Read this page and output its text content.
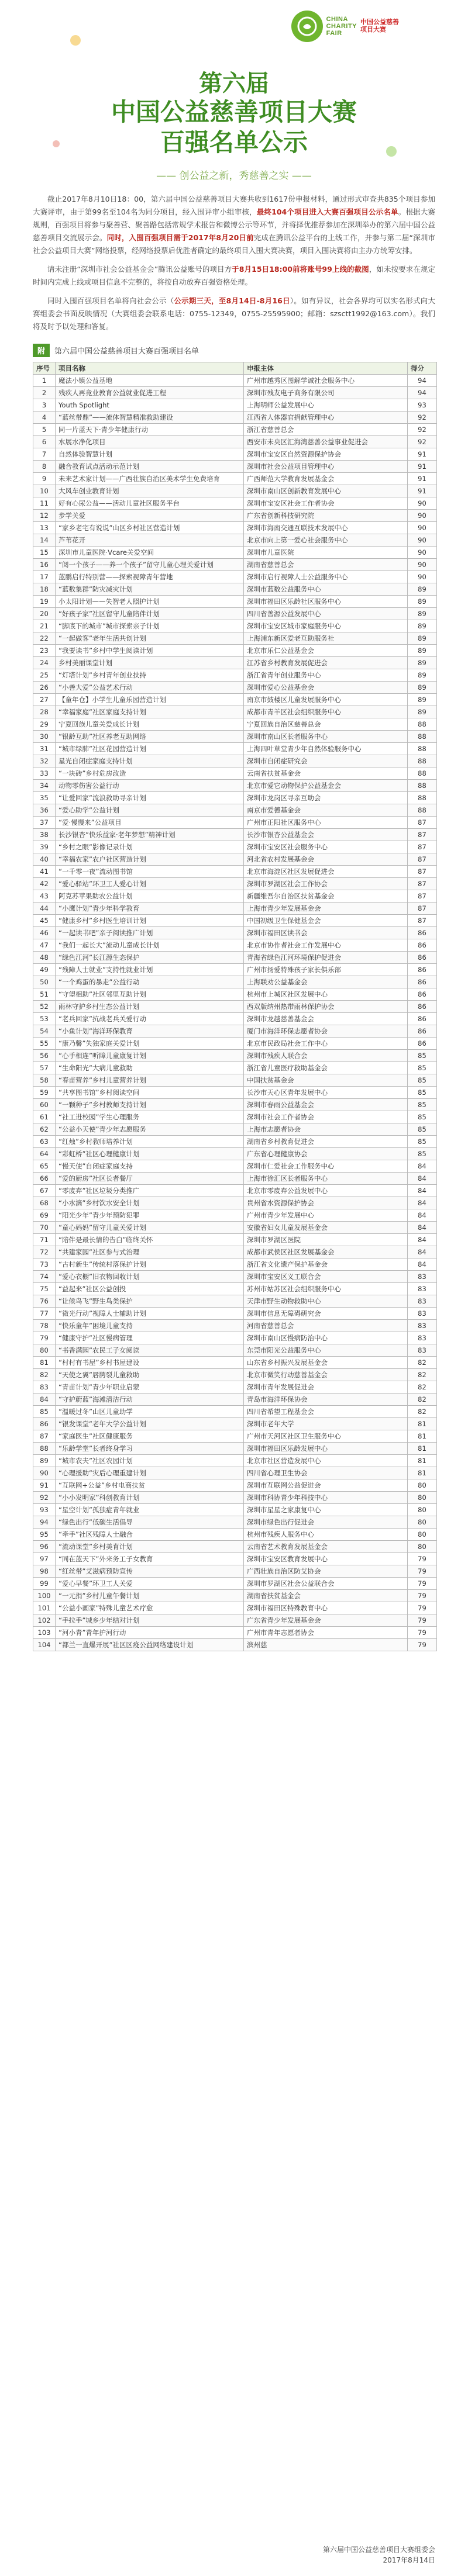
CHINA
CHARITY
FAIR
中国公益慈善
项目大赛
第六届
中国公益慈善项目大赛
百强名单公示
—— 创公益之新，秀慈善之实 ——

截止2017年8月10日18：00，第六届中国公益慈善项目大赛共收到1617份申报材料，通过形式审查共835个项目参加大赛评审，由于第99名至104名为同分项目，经入围评审小组审核，最终104个项目进入大赛百强项目公示名单。根据大赛规则，百强项目将参与聚善营、聚善路包括常规学术报告和微博公示等环节，并将择优推荐参加在深圳举办的第六届中国公益慈善项目交流展示会。同时，入围百强项目需于2017年8月20日前完成在腾讯公益平台的上线工作，并参与第二届“深圳市社会公益项目大赛”网络投票，经网络投票后优胜者确定的最终项目入围大赛决赛，项目入围决赛将由主办方统筹安排。

请未注册“深圳市社会公益基金会”腾讯公益账号的项目方于8月15日18:00前将账号99上线的截图，如未按要求在规定时间内完成上线或项目信息不完整的，将按自动放弃百强资格处理。

同时入围百强项目名单将向社会公示（公示期三天，至8月14日-8月16日）。如有异议，社会各界均可以实名形式向大赛组委会书面反映情况（大赛组委会联系电话：0755-12349，0755-25595900；邮箱：szsctt1992@163.com）。我们将及时予以处理和答复。

附	第六届中国公益慈善项目大赛百强项目名单
序号	项目名称	申报主体	得分
1	魔法小镇公益基地	广州市越秀区图解学诚社会服务中心	94
2	残疾人再竞业教育公益就业促进工程	深圳市残友电子商务有限公司	94
3	Youth Spotlight	上海明师公益发展中心	93
4	“蓝丝带鼎”——流体智慧精准救助建设	江西省人体器官捐献管理中心	92
5	同一片蓝天下·青少年健康行动	浙江省慈善总会	92
6	水展水净化项目	西安市未央区汇海湾慈善公益事业促进会	92
7	自然体验智慧计划	深圳市宝安区自然资源保护协会	91
8	融合教育试点活动示范计划	深圳市社会公益项目管理中心	91
9	未来艺术家计划——广西壮族自治区美术学生免费培育	广西师范大学教育发展基金会	91
10	大风车创业教育计划	深圳市南山区创新教育发展中心	91
11	好有心尿公益——活动儿童社区服务平台	深圳市宝安区社会工作者协会	90
12	步学关爱	广东省创新科技研究院	90
13	“家乡老宅有说说”山区乡村社区营造计划	深圳市海南交通互联技术发展中心	90
14	芦苇花开	北京市向上第一爱心社会服务中心	90
15	深圳市儿童医院·Vcare关爱空间	深圳市儿童医院	90
16	“阅一个孩子——养一个孩子”留守儿童心理关爱计划	湖南省慈善总会	90
17	蓝鹏启行特别营——探索视障青年营地	深圳市启行视障人士公益服务中心	90
18	“蓝数集群”防灾减灾计划	深圳市蓝数公益服务中心	89
19	小太阳计划——失智老人照护计划	深圳市福田区乐龄社区服务中心	89
20	“好孩子家”社区留守儿童陪伴计划	四川省善源公益发展中心	89
21	“脚底下的城市”城市探索亲子计划	深圳市宝安区城市家庭服务中心	89
22	“一起做客”老年生活共创计划	上海浦东新区爱老互助服务社	89
23	“我要读书”乡村中学生阅读计划	北京市乐仁公益基金会	89
24	乡村美丽课堂计划	江苏省乡村教育发展促进会	89
25	“灯塔计划”乡村青年创业扶持	浙江省青年创业服务中心	89
26	“小善大爱”公益艺术行动	深圳市爱心公益基金会	89
27	【童年仓】小学生儿童乐园营造计划	南京市鼓楼区儿童发展服务中心	89
28	“幸福家庭”社区家庭支持计划	成都市青羊区社会组织服务中心	89
29	宁夏回族儿童关爱成长计划	宁夏回族自治区慈善总会	88
30	“银龄互助”社区养老互助网络	深圳市南山区长者服务中心	88
31	“城市绿肺”社区花园营造计划	上海四叶草堂青少年自然体验服务中心	88
32	星光自闭症家庭支持计划	深圳市自闭症研究会	88
33	“一块砖”乡村危房改造	云南省扶贫基金会	88
34	动物零伤害公益行动	北京市爱它动物保护公益基金会	88
35	“让爱回家”流浪救助寻亲计划	深圳市龙岗区寻亲互助会	88
36	“爱心助学”公益计划	南京市爱德基金会	88
37	“爱·慢慢来”公益项目	广州市正阳社区服务中心	87
38	长沙银杏“快乐益家·老年梦想”精神计划	长沙市银杏公益基金会	87
39	“乡村之眼”影像记录计划	深圳市宝安区社会服务中心	87
40	“幸福农家”农户社区营造计划	河北省农村发展基金会	87
41	“一千零一夜”流动图书馆	北京市海淀区社区发展促进会	87
42	“爱心驿站”环卫工人爱心计划	深圳市罗湖区社会工作协会	87
43	阿克苏苹果助农公益计划	新疆维吾尔自治区扶贫基金会	87
44	“小鹰计划”青少年科学教育	上海市青少年发展基金会	87
45	“健康乡村”乡村医生培训计划	中国初级卫生保健基金会	87
46	“一起读书吧”亲子阅读推广计划	深圳市福田区读书会	86
47	“我们一起长大”流动儿童成长计划	北京市协作者社会工作发展中心	86
48	“绿色江河”长江源生态保护	青海省绿色江河环境保护促进会	86
49	“残障人士就业”支持性就业计划	广州市扬爱特殊孩子家长俱乐部	86
50	“一个鸡蛋的暴走”公益行动	上海联劝公益基金会	86
51	“守望相助”社区邻里互助计划	杭州市上城区社区发展中心	86
52	雨林守护乡村生态公益计划	西双版纳州热带雨林保护协会	86
53	“老兵回家”抗战老兵关爱行动	深圳市龙越慈善基金会	86
54	“小鱼计划”海洋环保教育	厦门市海洋环保志愿者协会	86
55	“康乃馨”失独家庭关爱计划	北京市民政局社会工作中心	86
56	“心手相连”听障儿童康复计划	深圳市残疾人联合会	85
57	“生命阳光”大病儿童救助	浙江省儿童医疗救助基金会	85
58	“春苗营养”乡村儿童营养计划	中国扶贫基金会	85
59	“共享图书馆”乡村阅读空间	长沙市天心区青年发展中心	85
60	“一颗种子”乡村教师支持计划	深圳市春雨公益基金会	85
61	“社工进校园”学生心理服务	深圳市社会工作者协会	85
62	“公益小天使”青少年志愿服务	上海市志愿者协会	85
63	“红烛”乡村教师培养计划	湖南省乡村教育促进会	85
64	“彩虹桥”社区心理健康计划	广东省心理健康协会	85
65	“慢天使”自闭症家庭支持	深圳市仁爱社会工作服务中心	84
66	“爱的厨房”社区长者餐厅	上海市徐汇区长者服务中心	84
67	“零废弃”社区垃圾分类推广	北京市零废弃公益发展中心	84
68	“小水滴”乡村饮水安全计划	贵州省水资源保护协会	84
69	“阳光少年”青少年预防犯罪	广州市青少年发展中心	84
70	“童心妈妈”留守儿童关爱计划	安徽省妇女儿童发展基金会	84
71	“陪伴是最长情的告白”临终关怀	深圳市罗湖区医院	84
72	“共建家园”社区参与式治理	成都市武侯区社区发展基金会	84
73	“古村新生”传统村落保护计划	浙江省文化遗产保护基金会	84
74	“爱心衣橱”旧衣物回收计划	深圳市宝安区义工联合会	83
75	“益起来”社区公益创投	苏州市姑苏区社会组织服务中心	83
76	“让候鸟飞”野生鸟类保护	天津市野生动物救助中心	83
77	“微光行动”视障人士辅助计划	深圳市信息无障碍研究会	83
78	“快乐童年”困境儿童支持	河南省慈善总会	83
79	“健康守护”社区慢病管理	深圳市南山区慢病防治中心	83
80	“书香满园”农民工子女阅读	东莞市阳光公益服务中心	83
81	“村村有书屋”乡村书屋建设	山东省乡村振兴发展基金会	82
82	“天使之翼”唇腭裂儿童救助	北京市微笑行动慈善基金会	82
83	“青苗计划”青少年职业启蒙	深圳市青年发展促进会	82
84	“守护蔚蓝”海滩清洁行动	青岛市海洋环保协会	82
85	“温暖过冬”山区儿童助学	四川省希望工程基金会	82
86	“银发课堂”老年大学公益计划	深圳市老年大学	81
87	“家庭医生”社区健康服务	广州市天河区社区卫生服务中心	81
88	“乐龄学堂”长者终身学习	深圳市福田区乐龄发展中心	81
89	“城市农夫”社区农园计划	北京市社区营造发展中心	81
90	“心理援助”灾后心理重建计划	四川省心理卫生协会	81
91	“互联网+公益”乡村电商扶贫	深圳市互联网公益促进会	80
92	“小小发明家”科创教育计划	深圳市科协青少年科技中心	80
93	“星空计划”孤独症青年就业	深圳市星星之家康复中心	80
94	“绿色出行”低碳生活倡导	深圳市绿色出行促进会	80
95	“牵手”社区残障人士融合	杭州市残疾人服务中心	80
96	“流动课堂”乡村美育计划	云南省艺术教育发展基金会	80
97	“同在蓝天下”外来务工子女教育	深圳市宝安区教育发展中心	79
98	“红丝带”艾滋病预防宣传	广西壮族自治区防艾协会	79
99	“爱心早餐”环卫工人关爱	深圳市罗湖区社会公益联合会	79
100	“一元捐”乡村儿童午餐计划	湖南省扶贫基金会	79
101	“公益小画家”特殊儿童艺术疗愈	深圳市福田区特殊教育中心	79
102	“手拉手”城乡少年结对计划	广东省青少年发展基金会	79
103	“河小青”青年护河行动	广州市青年志愿者协会	79
104	“都兰一直爆开展”社区区疫公益网络建设计划	滨州慈	79
第六届中国公益慈善项目大赛组委会
2017年8月14日
